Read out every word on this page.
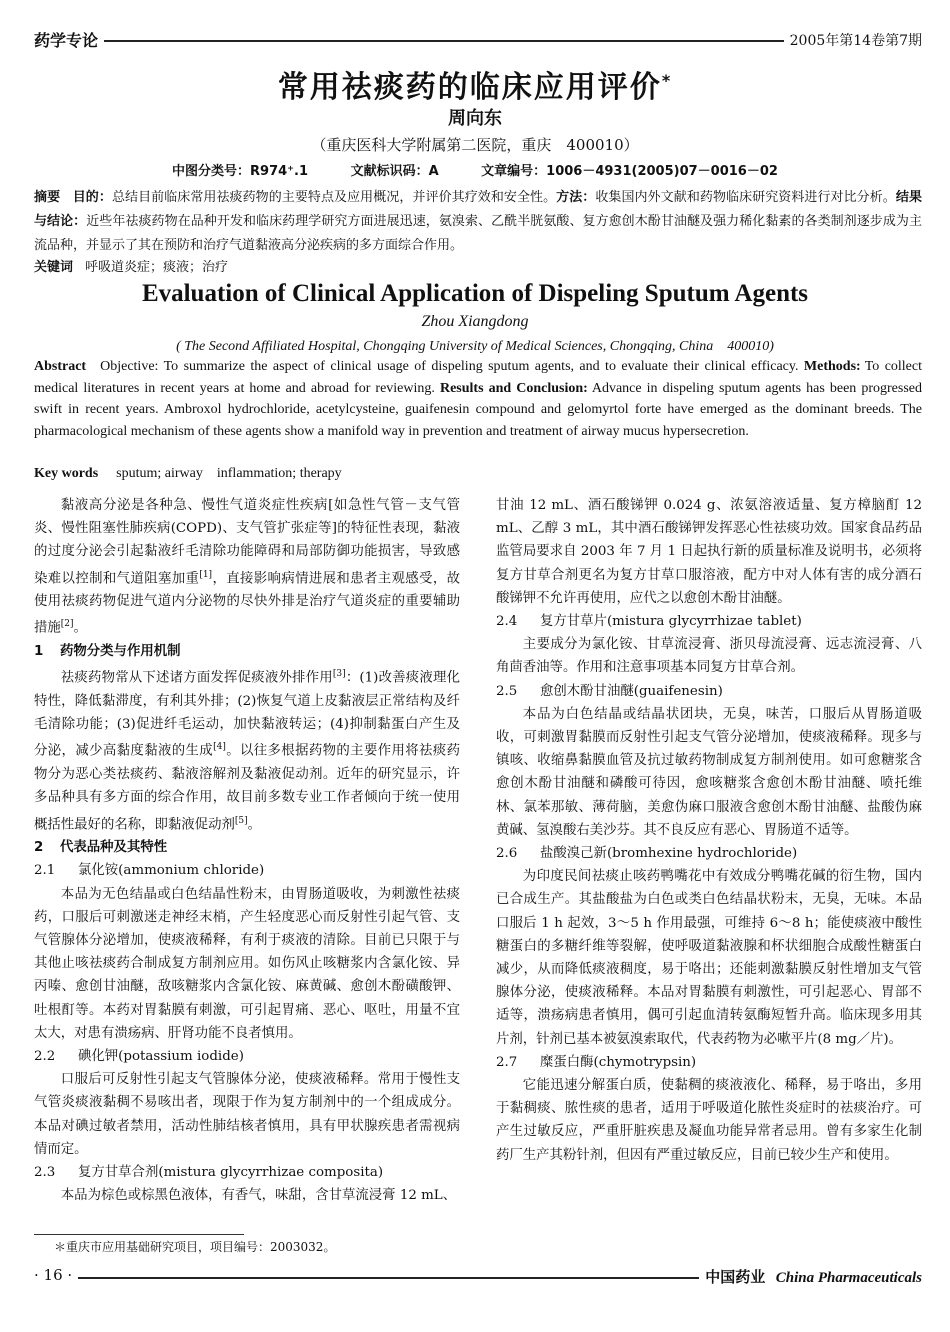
药学专论	2005年第14卷第7期
常用祛痰药的临床应用评价*
周向东
（重庆医科大学附属第二医院，重庆　400010）
中图分类号：R974⁺.1	文献标识码：A	文章编号：1006－4931(2005)07－0016－02
摘要 目的：总结目前临床常用祛痰药物的主要特点及应用概况，并评价其疗效和安全性。方法：收集国内外文献和药物临床研究资料进行对比分析。结果与结论：近些年祛痰药物在品种开发和临床药理学研究方面进展迅速，氨溴索、乙酰半胱氨酸、复方愈创木酚甘油醚及强力稀化黏素的各类制剂逐步成为主流品种，并显示了其在预防和治疗气道黏液高分泌疾病的多方面综合作用。
关键词 呼吸道炎症；痰液；治疗
Evaluation of Clinical Application of Dispeling Sputum Agents
Zhou Xiangdong
( The Second Affiliated Hospital, Chongqing University of Medical Sciences, Chongqing, China　400010)
Abstract Objective: To summarize the aspect of clinical usage of dispeling sputum agents, and to evaluate their clinical efficacy. Methods: To collect medical literatures in recent years at home and abroad for reviewing. Results and Conclusion: Advance in dispeling sputum agents has been progressed swift in recent years. Ambroxol hydrochloride, acetylcysteine, guaifenesin compound and gelomyrtol forte have emerged as the dominant breeds. The pharmacological mechanism of these agents show a manifold way in prevention and treatment of airway mucus hypersecretion.
Key words sputum; airway　inflammation; therapy

黏液高分泌是各种急、慢性气道炎症性疾病[如急性气管－支气管炎、慢性阻塞性肺疾病(COPD)、支气管扩张症等]的特征性表现，黏液的过度分泌会引起黏液纤毛清除功能障碍和局部防御功能损害，导致感染难以控制和气道阻塞加重[1]，直接影响病情进展和患者主观感受，故使用祛痰药物促进气道内分泌物的尽快外排是治疗气道炎症的重要辅助措施[2]。

1 药物分类与作用机制

祛痰药物常从下述诸方面发挥促痰液外排作用[3]：(1)改善痰液理化特性，降低黏滞度，有利其外排；(2)恢复气道上皮黏液层正常结构及纤毛清除功能；(3)促进纤毛运动，加快黏液转运；(4)抑制黏蛋白产生及分泌，减少高黏度黏液的生成[4]。以往多根据药物的主要作用将祛痰药物分为恶心类祛痰药、黏液溶解剂及黏液促动剂。近年的研究显示，许多品种具有多方面的综合作用，故目前多数专业工作者倾向于统一使用概括性最好的名称，即黏液促动剂[5]。

2 代表品种及其特性

2.1 氯化铵(ammonium chloride)

本品为无色结晶或白色结晶性粉末，由胃肠道吸收，为刺激性祛痰药，口服后可刺激迷走神经末梢，产生轻度恶心而反射性引起气管、支气管腺体分泌增加，使痰液稀释，有利于痰液的清除。目前已只限于与其他止咳祛痰药合制成复方制剂应用。如伤风止咳糖浆内含氯化铵、异丙嗪、愈创甘油醚，敌咳糖浆内含氯化铵、麻黄碱、愈创木酚磺酸钾、吐根酊等。本药对胃黏膜有刺激，可引起胃痛、恶心、呕吐，用量不宜太大，对患有溃疡病、肝肾功能不良者慎用。

2.2 碘化钾(potassium iodide)

口服后可反射性引起支气管腺体分泌，使痰液稀释。常用于慢性支气管炎痰液黏稠不易咳出者，现限于作为复方制剂中的一个组成成分。本品对碘过敏者禁用，活动性肺结核者慎用，具有甲状腺疾患者需视病情而定。

2.3 复方甘草合剂(mistura glycyrrhizae composita)

本品为棕色或棕黑色液体，有香气，味甜，含甘草流浸膏 12 mL、

甘油 12 mL、酒石酸锑钾 0.024 g、浓氨溶液适量、复方樟脑酊 12 mL、乙醇 3 mL，其中酒石酸锑钾发挥恶心性祛痰功效。国家食品药品监管局要求自 2003 年 7 月 1 日起执行新的质量标准及说明书，必须将复方甘草合剂更名为复方甘草口服溶液，配方中对人体有害的成分酒石酸锑钾不允许再使用，应代之以愈创木酚甘油醚。

2.4 复方甘草片(mistura glycyrrhizae tablet)

主要成分为氯化铵、甘草流浸膏、浙贝母流浸膏、远志流浸膏、八角茴香油等。作用和注意事项基本同复方甘草合剂。

2.5 愈创木酚甘油醚(guaifenesin)

本品为白色结晶或结晶状团块，无臭，味苦，口服后从胃肠道吸收，可刺激胃黏膜而反射性引起支气管分泌增加，使痰液稀释。现多与镇咳、收缩鼻黏膜血管及抗过敏药物制成复方制剂使用。如可愈糖浆含愈创木酚甘油醚和磷酸可待因，愈咳糖浆含愈创木酚甘油醚、喷托维林、氯苯那敏、薄荷脑，美愈伪麻口服液含愈创木酚甘油醚、盐酸伪麻黄碱、氢溴酸右美沙芬。其不良反应有恶心、胃肠道不适等。

2.6 盐酸溴己新(bromhexine hydrochloride)

为印度民间祛痰止咳药鸭嘴花中有效成分鸭嘴花碱的衍生物，国内已合成生产。其盐酸盐为白色或类白色结晶状粉末，无臭，无味。本品口服后 1 h 起效，3～5 h 作用最强，可维持 6～8 h；能使痰液中酸性糖蛋白的多糖纤维等裂解，使呼吸道黏液腺和杯状细胞合成酸性糖蛋白减少，从而降低痰液稠度，易于咯出；还能刺激黏膜反射性增加支气管腺体分泌，使痰液稀释。本品对胃黏膜有刺激性，可引起恶心、胃部不适等，溃疡病患者慎用，偶可引起血清转氨酶短暂升高。临床现多用其片剂，针剂已基本被氨溴索取代，代表药物为必嗽平片(8 mg／片)。

2.7 糜蛋白酶(chymotrypsin)

它能迅速分解蛋白质，使黏稠的痰液液化、稀释，易于咯出，多用于黏稠痰、脓性痰的患者，适用于呼吸道化脓性炎症时的祛痰治疗。可产生过敏反应，严重肝脏疾患及凝血功能异常者忌用。曾有多家生化制药厂生产其粉针剂，但因有严重过敏反应，目前已较少生产和使用。

＊重庆市应用基础研究项目，项目编号：2003032。
· 16 ·	中国药业 China Pharmaceuticals
